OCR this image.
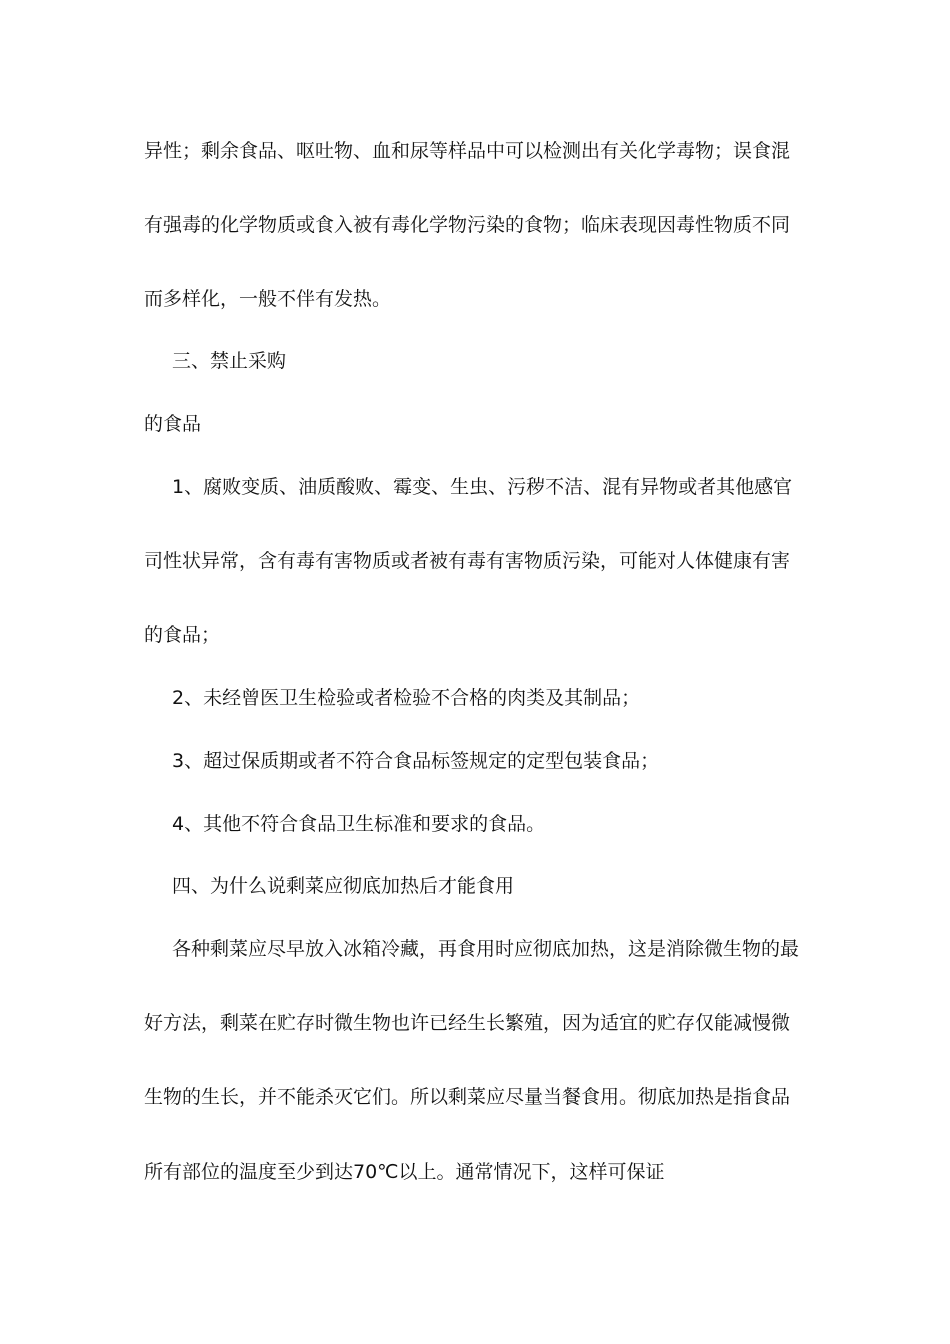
异性；剩余食品、呕吐物、血和尿等样品中可以检测出有关化学毒物；误食混
有强毒的化学物质或食入被有毒化学物污染的食物；临床表现因毒性物质不同
而多样化，一般不伴有发热。
三、禁止采购
的食品
1、腐败变质、油质酸败、霉变、生虫、污秽不洁、混有异物或者其他感官
司性状异常，含有毒有害物质或者被有毒有害物质污染，可能对人体健康有害
的食品；
2、未经曾医卫生检验或者检验不合格的肉类及其制品；
3、超过保质期或者不符合食品标签规定的定型包装食品；
4、其他不符合食品卫生标准和要求的食品。
四、为什么说剩菜应彻底加热后才能食用
各种剩菜应尽早放入冰箱冷藏，再食用时应彻底加热，这是消除微生物的最
好方法，剩菜在贮存时微生物也许已经生长繁殖，因为适宜的贮存仅能减慢微
生物的生长，并不能杀灭它们。所以剩菜应尽量当餐食用。彻底加热是指食品
所有部位的温度至少到达70℃以上。通常情况下，这样可保证
